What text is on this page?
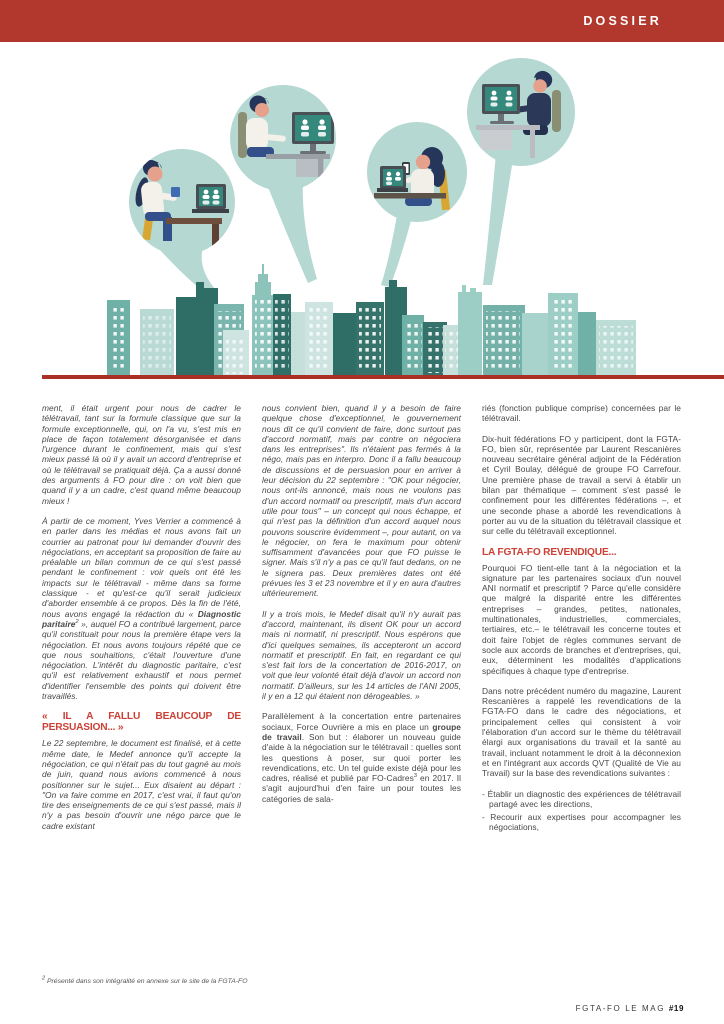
DOSSIER

ment, il était urgent pour nous de cadrer le télétravail, tant sur la formule classique que sur la formule exceptionnelle, qui, on l'a vu, s'est mis en place de façon totalement désorganisée et dans l'urgence durant le confinement, mais qui s'est mieux passé là où il y avait un accord d'entreprise et où le télétravail se pratiquait déjà. Ça a aussi donné des arguments à FO pour dire : on voit bien que quand il y a un cadre, c'est quand même beaucoup mieux !

À partir de ce moment, Yves Verrier a commencé à en parler dans les médias et nous avons fait un courrier au patronat pour lui demander d'ouvrir des négociations, en acceptant sa proposition de faire au préalable un bilan commun de ce qui s'est passé pendant le confinement : voir quels ont été les impacts sur le télétravail - même dans sa forme classique - et qu'est-ce qu'il serait judicieux d'aborder ensemble à ce propos. Dès la fin de l'été, nous avons engagé la rédaction du « Diagnostic paritaire$^2$ », auquel FO a contribué largement, parce qu'il constituait pour nous la première étape vers la négociation. Et nous avons toujours répété que ce que nous souhaitions, c'était l'ouverture d'une négociation. L'intérêt du diagnostic paritaire, c'est qu'il est relativement exhaustif et nous permet d'identifier l'ensemble des points qui doivent être travaillés.

« IL A FALLU BEAUCOUP DE PERSUASION... »

Le 22 septembre, le document est finalisé, et à cette même date, le Medef annonce qu'il accepte la négociation, ce qui n'était pas du tout gagné au mois de juin, quand nous avions commencé à nous positionner sur le sujet... Eux disaient au départ : "On va faire comme en 2017, c'est vrai, il faut qu'on tire des enseignements de ce qui s'est passé, mais il n'y a pas besoin d'ouvrir une négo parce que le cadre existant

nous convient bien, quand il y a besoin de faire quelque chose d'exceptionnel, le gouvernement nous dit ce qu'il convient de faire, donc surtout pas d'accord normatif, mais par contre on négociera dans les entreprises". Ils n'étaient pas fermés à la négo, mais pas en interpro. Donc il a fallu beaucoup de discussions et de persuasion pour en arriver à leur décision du 22 septembre : "OK pour négocier, nous ont-ils annoncé, mais nous ne voulons pas d'un accord normatif ou prescriptif, mais d'un accord utile pour tous" – un concept qui nous échappe, et qui n'est pas la définition d'un accord auquel nous pouvons souscrire évidemment –, pour autant, on va le négocier, on fera le maximum pour obtenir suffisamment d'avancées pour que FO puisse le signer. Mais s'il n'y a pas ce qu'il faut dedans, on ne le signera pas. Deux premières dates ont été prévues les 3 et 23 novembre et il y en aura d'autres ultérieurement.

Il y a trois mois, le Medef disait qu'il n'y aurait pas d'accord, maintenant, ils disent OK pour un accord mais ni normatif, ni prescriptif. Nous espérons que d'ici quelques semaines, ils accepteront un accord normatif et prescriptif. En fait, en regardant ce qui s'est fait lors de la concertation de 2016-2017, on voit que leur volonté était déjà d'avoir un accord non normatif. D'ailleurs, sur les 14 articles de l'ANI 2005, il y en a 12 qui étaient non dérogeables. »

Parallèlement à la concertation entre partenaires sociaux, Force Ouvrière a mis en place un groupe de travail. Son but : élaborer un nouveau guide d'aide à la négociation sur le télétravail : quelles sont les questions à poser, sur quoi porter les revendications, etc. Un tel guide existe déjà pour les cadres, réalisé et publié par FO-Cadres$^3$ en 2017. Il s'agit aujourd'hui d'en faire un pour toutes les catégories de sala-

riés (fonction publique comprise) concernées par le télétravail.

Dix-huit fédérations FO y participent, dont la FGTA-FO, bien sûr, représentée par Laurent Rescanières nouveau secrétaire général adjoint de la Fédération et Cyril Boulay, délégué de groupe FO Carrefour. Une première phase de travail a servi à établir un bilan par thématique – comment s'est passé le confinement pour les différentes fédérations –, et une seconde phase a abordé les revendications à porter au vu de la situation du télétravail classique et sur celle du télétravail exceptionnel.

LA FGTA-FO REVENDIQUE...

Pourquoi FO tient-elle tant à la négociation et la signature par les partenaires sociaux d'un nouvel ANI normatif et prescriptif ? Parce qu'elle considère que malgré la disparité entre les différentes entreprises – grandes, petites, nationales, multinationales, industrielles, commerciales, tertiaires, etc.– le télétravail les concerne toutes et doit faire l'objet de règles communes servant de socle aux accords de branches et d'entreprises, qui, eux, déterminent les modalités d'applications spécifiques à chaque type d'entreprise.

Dans notre précédent numéro du magazine, Laurent Rescanières a rappelé les revendications de la FGTA-FO dans le cadre des négociations, et principalement celles qui consistent à voir l'élaboration d'un accord sur le thème du télétravail élargi aux organisations du travail et la santé au travail, incluant notamment le droit à la déconnexion et en l'intégrant aux accords QVT (Qualité de Vie au Travail) sur la base des revendications suivantes :

- Établir un diagnostic des expériences de télétravail partagé avec les directions,

- Recourir aux expertises pour accompagner les négociations,

$^2$ Présenté dans son intégralité en annexe sur le site de la FGTA-FO
FGTA-FO LE MAG #19
